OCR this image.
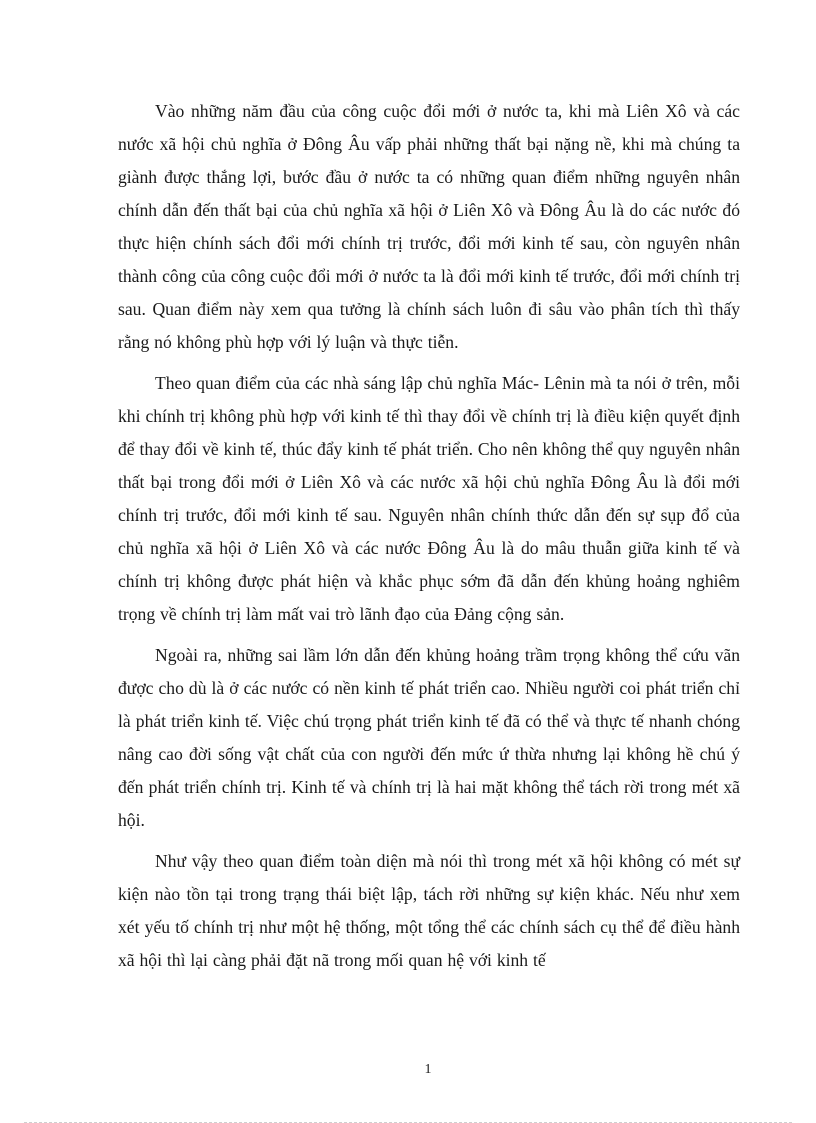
Vào những năm đầu của công cuộc đổi mới ở nước ta, khi mà Liên Xô và các nước xã hội chủ nghĩa ở Đông Âu vấp phải những thất bại nặng nề, khi mà chúng ta giành được thắng lợi, bước đầu ở nước ta có những quan điểm những nguyên nhân chính dẫn đến thất bại của chủ nghĩa xã hội ở Liên Xô và Đông Âu là do các nước đó thực hiện chính sách đổi mới chính trị trước, đổi mới kinh tế sau, còn nguyên nhân thành công của công cuộc đổi mới ở nước ta là đổi mới kinh tế trước, đổi mới chính trị sau. Quan điểm này xem qua tưởng là chính sách luôn đi sâu vào phân tích thì thấy rằng nó không phù hợp với lý luận và thực tiễn.

Theo quan điểm của các nhà sáng lập chủ nghĩa Mác- Lênin mà ta nói ở trên, mỗi khi chính trị không phù hợp với kinh tế thì thay đổi về chính trị là điều kiện quyết định để thay đổi về kinh tế, thúc đẩy kinh tế phát triển. Cho nên không thể quy nguyên nhân thất bại trong đổi mới ở Liên Xô và các nước xã hội chủ nghĩa Đông Âu là đổi mới chính trị trước, đổi mới kinh tế sau. Nguyên nhân chính thức dẫn đến sự sụp đổ của chủ nghĩa xã hội ở Liên Xô và các nước Đông Âu là do mâu thuẫn giữa kinh tế và chính trị không được phát hiện và khắc phục sớm đã dẫn đến khủng hoảng nghiêm trọng về chính trị làm mất vai trò lãnh đạo của Đảng cộng sản.

Ngoài ra, những sai lầm lớn dẫn đến khủng hoảng trầm trọng không thể cứu vãn được cho dù là ở các nước có nền kinh tế phát triển cao. Nhiều người coi phát triển chỉ là phát triển kinh tế. Việc chú trọng phát triển kinh tế đã có thể và thực tế nhanh chóng nâng cao đời sống vật chất của con người đến mức ứ thừa nhưng lại không hề chú ý đến phát triển chính trị. Kinh tế và chính trị là hai mặt không thể tách rời trong mét xã hội.

Như vậy theo quan điểm toàn diện mà nói thì trong mét xã hội không có mét sự kiện nào tồn tại trong trạng thái biệt lập, tách rời những sự kiện khác. Nếu như xem xét yếu tố chính trị như một hệ thống, một tổng thể các chính sách cụ thể để điều hành xã hội thì lại càng phải đặt nã trong mối quan hệ với kinh tế

1
